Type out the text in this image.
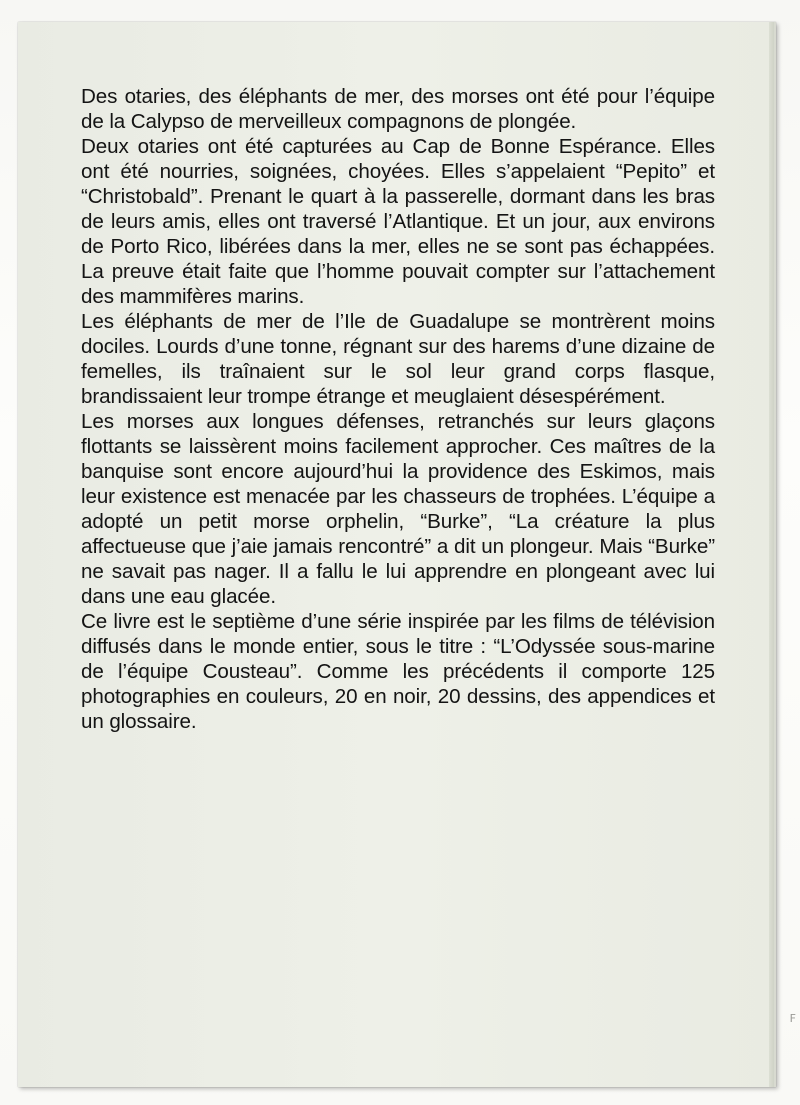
Des otaries, des éléphants de mer, des morses ont été pour l’équipe de la Calypso de merveilleux compagnons de plongée.

Deux otaries ont été capturées au Cap de Bonne Espérance. Elles ont été nourries, soignées, choyées. Elles s’appelaient “Pepito” et “Christobald”. Prenant le quart à la passerelle, dormant dans les bras de leurs amis, elles ont traversé l’Atlantique. Et un jour, aux environs de Porto Rico, libérées dans la mer, elles ne se sont pas échappées. La preuve était faite que l’homme pouvait compter sur l’attachement des mammifères marins.

Les éléphants de mer de l’Ile de Guadalupe se montrèrent moins dociles. Lourds d’une tonne, régnant sur des harems d’une dizaine de femelles, ils traînaient sur le sol leur grand corps flasque, brandissaient leur trompe étrange et meuglaient désespérément.

Les morses aux longues défenses, retranchés sur leurs glaçons flottants se laissèrent moins facilement approcher. Ces maîtres de la banquise sont encore aujourd’hui la providence des Eskimos, mais leur existence est menacée par les chasseurs de trophées. L’équipe a adopté un petit morse orphelin, “Burke”, “La créature la plus affectueuse que j’aie jamais rencontré” a dit un plongeur. Mais “Burke” ne savait pas nager. Il a fallu le lui apprendre en plongeant avec lui dans une eau glacée.

Ce livre est le septième d’une série inspirée par les films de télévision diffusés dans le monde entier, sous le titre : “L’Odyssée sous-marine de l’équipe Cousteau”. Comme les précédents il comporte 125 photographies en couleurs, 20 en noir, 20 dessins, des appendices et un glossaire.

F
